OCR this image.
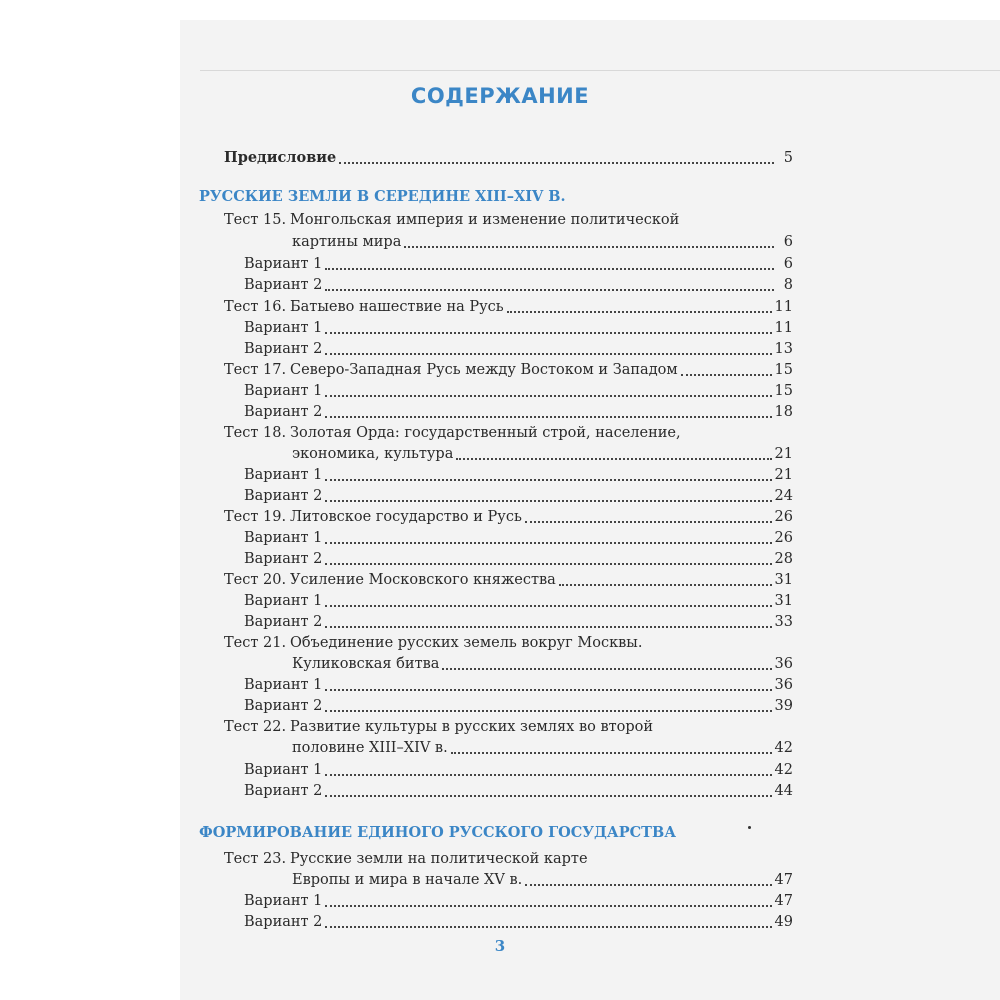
СОДЕРЖАНИЕ
Предисловие	5
РУССКИЕ ЗЕМЛИ В СЕРЕДИНЕ XIII–XIV В.
Тест 15. Монгольская империя и изменение политической
картины мира	6
Вариант 1	6
Вариант 2	8
Тест 16. Батыево нашествие на Русь	11
Вариант 1	11
Вариант 2	13
Тест 17. Северо-Западная Русь между Востоком и Западом	15
Вариант 1	15
Вариант 2	18
Тест 18. Золотая Орда: государственный строй, население,
экономика, культура	21
Вариант 1	21
Вариант 2	24
Тест 19. Литовское государство и Русь	26
Вариант 1	26
Вариант 2	28
Тест 20. Усиление Московского княжества	31
Вариант 1	31
Вариант 2	33
Тест 21. Объединение русских земель вокруг Москвы.
Куликовская битва	36
Вариант 1	36
Вариант 2	39
Тест 22. Развитие культуры в русских землях во второй
половине XIII–XIV в.	42
Вариант 1	42
Вариант 2	44
ФОРМИРОВАНИЕ ЕДИНОГО РУССКОГО ГОСУДАРСТВА
Тест 23. Русские земли на политической карте
Европы и мира в начале XV в.	47
Вариант 1	47
Вариант 2	49
3
